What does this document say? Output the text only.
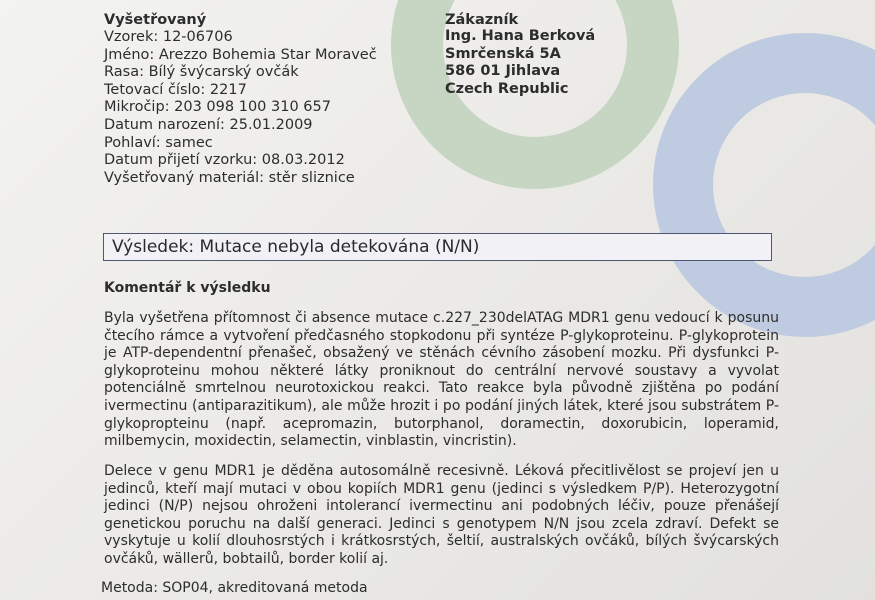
Vyšetřovaný
Vzorek: 12-06706
Jméno: Arezzo Bohemia Star Moraveč
Rasa: Bílý švýcarský ovčák
Tetovací číslo: 2217
Mikročip: 203 098 100 310 657
Datum narození: 25.01.2009
Pohlaví: samec
Datum přijetí vzorku: 08.03.2012
Vyšetřovaný materiál: stěr sliznice
Zákazník
Ing. Hana Berková
Smrčenská 5A
586 01 Jihlava
Czech Republic
Výsledek: Mutace nebyla detekována (N/N)
Komentář k výsledku
Byla vyšetřena přítomnost či absence mutace c.227_230delATAG MDR1 genu vedoucí k posunu čtecího rámce a vytvoření předčasného stopkodonu při syntéze P-glykoproteinu. P-glykoprotein je ATP-dependentní přenašeč, obsažený ve stěnách cévního zásobení mozku. Při dysfunkci P-glykoproteinu mohou některé látky proniknout do centrální nervové soustavy a vyvolat potenciálně smrtelnou neurotoxickou reakci. Tato reakce byla původně zjištěna po podání ivermectinu (antiparazitikum), ale může hrozit i po podání jiných látek, které jsou substrátem P-glykopropteinu (např. acepromazin, butorphanol, doramectin, doxorubicin, loperamid, milbemycin, moxidectin, selamectin, vinblastin, vincristin).
Delece v genu MDR1 je děděna autosomálně recesivně. Léková přecitlivělost se projeví jen u jedinců, kteří mají mutaci v obou kopiích MDR1 genu (jedinci s výsledkem P/P). Heterozygotní jedinci (N/P) nejsou ohroženi intolerancí ivermectinu ani podobných léčiv, pouze přenášejí genetickou poruchu na další generaci. Jedinci s genotypem N/N jsou zcela zdraví. Defekt se vyskytuje u kolií dlouhosrstých i krátkosrstých, šeltií, australských ovčáků, bílých švýcarských ovčáků, wällerů, bobtailů, border kolií aj.
Metoda: SOP04, akreditovaná metoda
